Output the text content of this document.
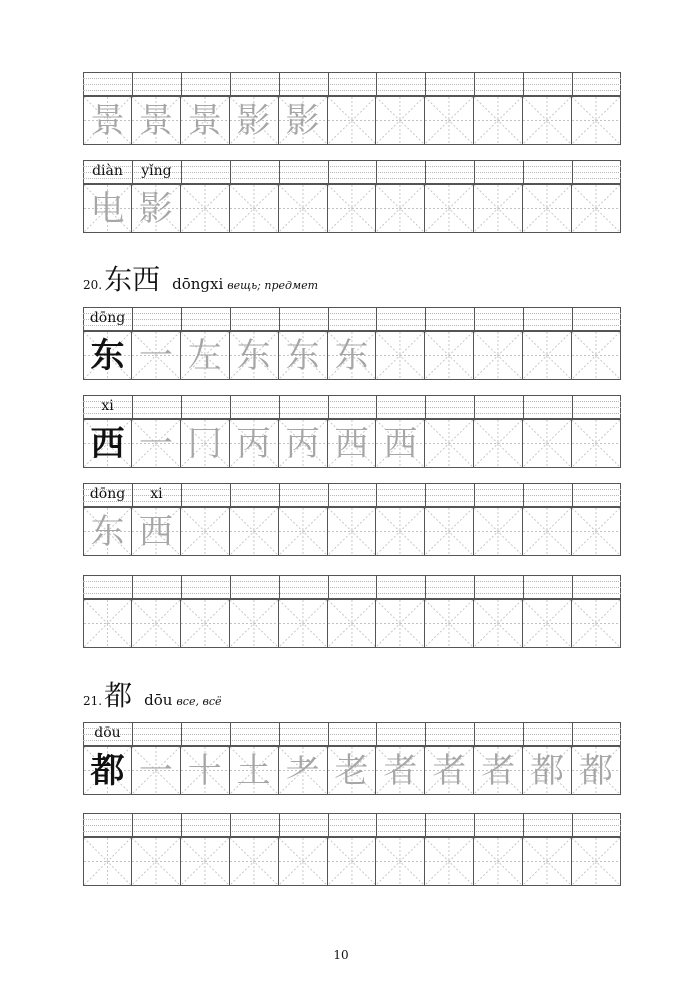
景 景 景 影 影
diàn	yǐng
电 影
20. 东西 dōngxi вещь; предмет
dōng
东 一 左 东 东 东
xi
西 一 冂 丙 丙 西 西
dōng	xi
东 西
21. 都 dōu все, всё
dōu
都 一 十 土 耂 老 者 者 者 都 都
10
